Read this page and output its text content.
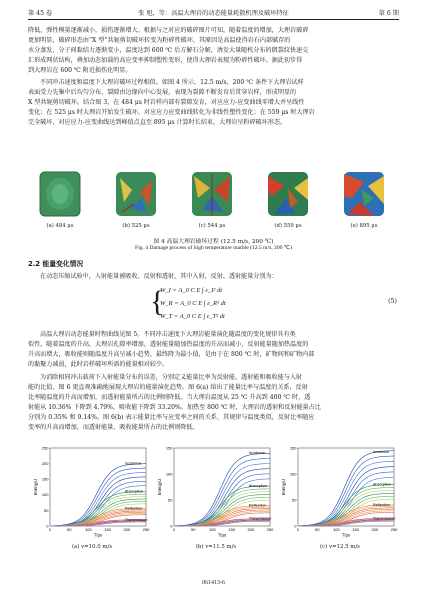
第 45 卷	张 旭，等：高温大理岩的动态能量耗散机理及破坏特征	第 6 期
降低，弹性模量逐渐减小，损伤逐渐增大。根据与之对应的破碎图片可知，随着温度的增加，大理岩破碎
更加明显，破碎形态由“X 型”共轭剪切破坏转变为粉碎性破坏，其原因是高温使得岩石内部赋存的
水分蒸发，分子间黏结力逐渐变小，温度达到 600 ℃ 后方解石分解，诱发大量随机分布的微裂纹快速交
汇形成网状结构，叠加动态加载的高应变率抑制塑性变形，使得大理岩表现为粉碎性破坏。据此初步得
到大理岩在 600 ℃ 附近损伤化明显。
不同冲击速度和温度下大理岩破坏过程相似。如图 4 所示，12.5 m/s、200 ℃ 条件下大理岩试样
表面受力先集中后均匀分布，裂隙由边缘向中心发展，表现为裂隙不断发育后贯穿岩样，形成明显的
X 型共轭剪切破坏。结合图 3，在 484 μs 时岩样内部有裂隙发育，对应应力-应变曲线零增大并呈线性
变化；在 525 μs 时大理岩开始发生破坏，对应应力应变曲线转化为非线性塑性变化；在 559 μs 时大理岩
完全破坏，对应应力-应变曲线达到峰值点直至 895 μs 计算时长结束，大理岩呈粉碎破坏形态。
(a) 484 μs	(b) 525 μs	(c) 544 μs	(d) 559 μs	(e) 895 μs
图 4 高温大理岩破坏过程 (12.5 m/s, 200 ℃)
Fig. 4 Damage process of high temperature marble (12.5 m/s, 200 ℃)
2.2 能量变化情况
在动态压缩试验中，入射能量被吸收、反射和透射，其中入射、反射、透射能量分别为：
{
W_I = A_0 C E ∫ ε_I² dt
W_R = A_0 C E ∫ ε_R² dt
W_T = A_0 C E ∫ ε_T² dt
(5)
高温大理岩动态能量时程曲线见图 5。不同冲击速度下大理岩能量演化随温度的变化规律具有类
似性，随着温度的升高，大理岩孔隙率增加，透射能量随加热温度的升高而减小，反射能量随加热温度的
升高而增大，吸收能则随温度升高呈减小趋势，最终降为最小值，是由于在 800 ℃ 时，矿物间和矿物内部
的黏聚力减弱，此时岩样破坏所需的能量相对较少。
为消除相同冲击载荷下入射能量分布的误差，分别定义能量比率为反射能、透射能和吸收能与入射
能的比值，图 6 更直观准确地展现大理岩的能量演化趋势。图 6(a) 给出了能量比率与温度的关系，反射
比率随温度的升高而增加，而透射能量所占的比例则降低。当大理岩温度从 25 ℃ 升高到 400 ℃ 时，透
射能从 10.36% 下降到 4.79%，吸收能下降到 33.20%。加热至 800 ℃ 时，大理岩的透射和反射能量占比
分别为 0.35% 和 9.14%。图 6(b) 表示能量比率与应变率之间的关系，其规律与温度类似，反射比率随应
变率的升高而增加，而透射能量、吸收能量所占的比例则降低。
Energy/J
0
50
100
150
200
250
0	50	100	150	200	250
T/μs
Incidence
Absorption
Reflection
Transmission
(a) v=10.0 m/s
Energy/J
0
50
100
150
0	50	100	150	200	250
T/μs
Incidence
Absorption
Reflection
Transmission
(b) v=11.5 m/s
Energy/J
0
50
100
150
0	50	100	150	200	250
T/μs
Incidence
Absorption
Reflection
Transmission
(c) v=12.5 m/s
061413-6
